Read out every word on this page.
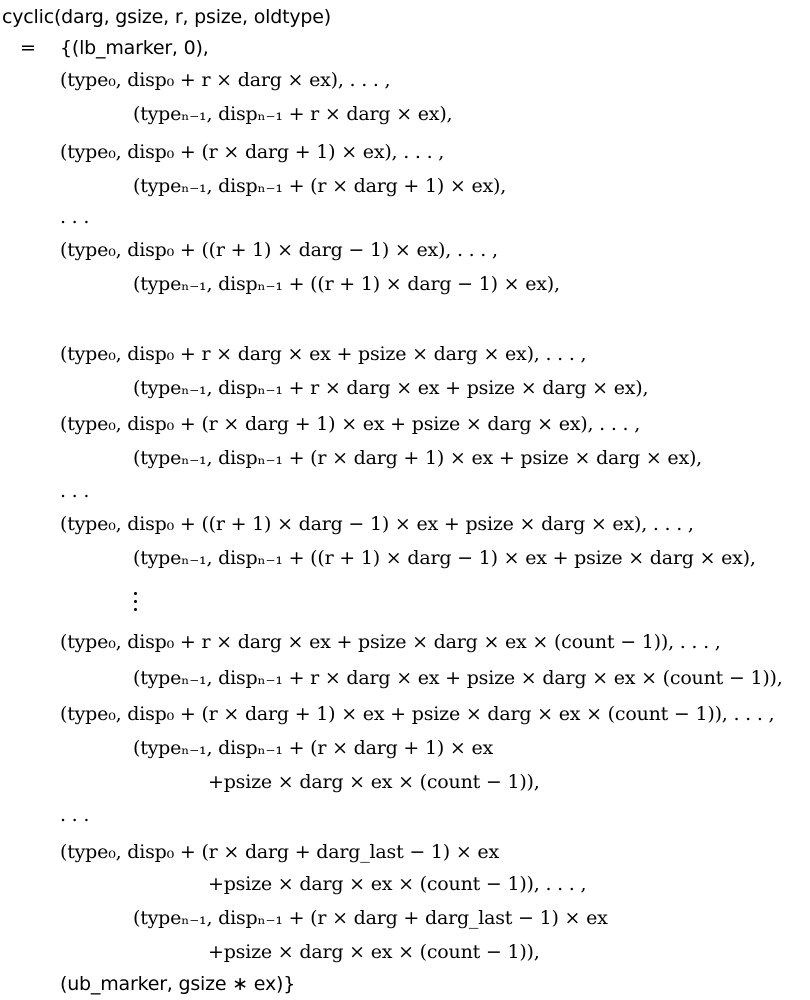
cyclic(darg, gsize, r, psize, oldtype)
= {(lb_marker, 0),
(type₀, disp₀ + r × darg × ex), . . . ,
(typeₙ₋₁, dispₙ₋₁ + r × darg × ex),
(type₀, disp₀ + (r × darg + 1) × ex), . . . ,
(typeₙ₋₁, dispₙ₋₁ + (r × darg + 1) × ex),
. . .
(type₀, disp₀ + ((r + 1) × darg − 1) × ex), . . . ,
(typeₙ₋₁, dispₙ₋₁ + ((r + 1) × darg − 1) × ex),
(type₀, disp₀ + r × darg × ex + psize × darg × ex), . . . ,
(typeₙ₋₁, dispₙ₋₁ + r × darg × ex + psize × darg × ex),
(type₀, disp₀ + (r × darg + 1) × ex + psize × darg × ex), . . . ,
(typeₙ₋₁, dispₙ₋₁ + (r × darg + 1) × ex + psize × darg × ex),
. . .
(type₀, disp₀ + ((r + 1) × darg − 1) × ex + psize × darg × ex), . . . ,
(typeₙ₋₁, dispₙ₋₁ + ((r + 1) × darg − 1) × ex + psize × darg × ex),
(type₀, disp₀ + r × darg × ex + psize × darg × ex × (count − 1)), . . . ,
(typeₙ₋₁, dispₙ₋₁ + r × darg × ex + psize × darg × ex × (count − 1)),
(type₀, disp₀ + (r × darg + 1) × ex + psize × darg × ex × (count − 1)), . . . ,
(typeₙ₋₁, dispₙ₋₁ + (r × darg + 1) × ex
+psize × darg × ex × (count − 1)),
. . .
(type₀, disp₀ + (r × darg + darg_last − 1) × ex
+psize × darg × ex × (count − 1)), . . . ,
(typeₙ₋₁, dispₙ₋₁ + (r × darg + darg_last − 1) × ex
+psize × darg × ex × (count − 1)),
(ub_marker, gsize ∗ ex)}
